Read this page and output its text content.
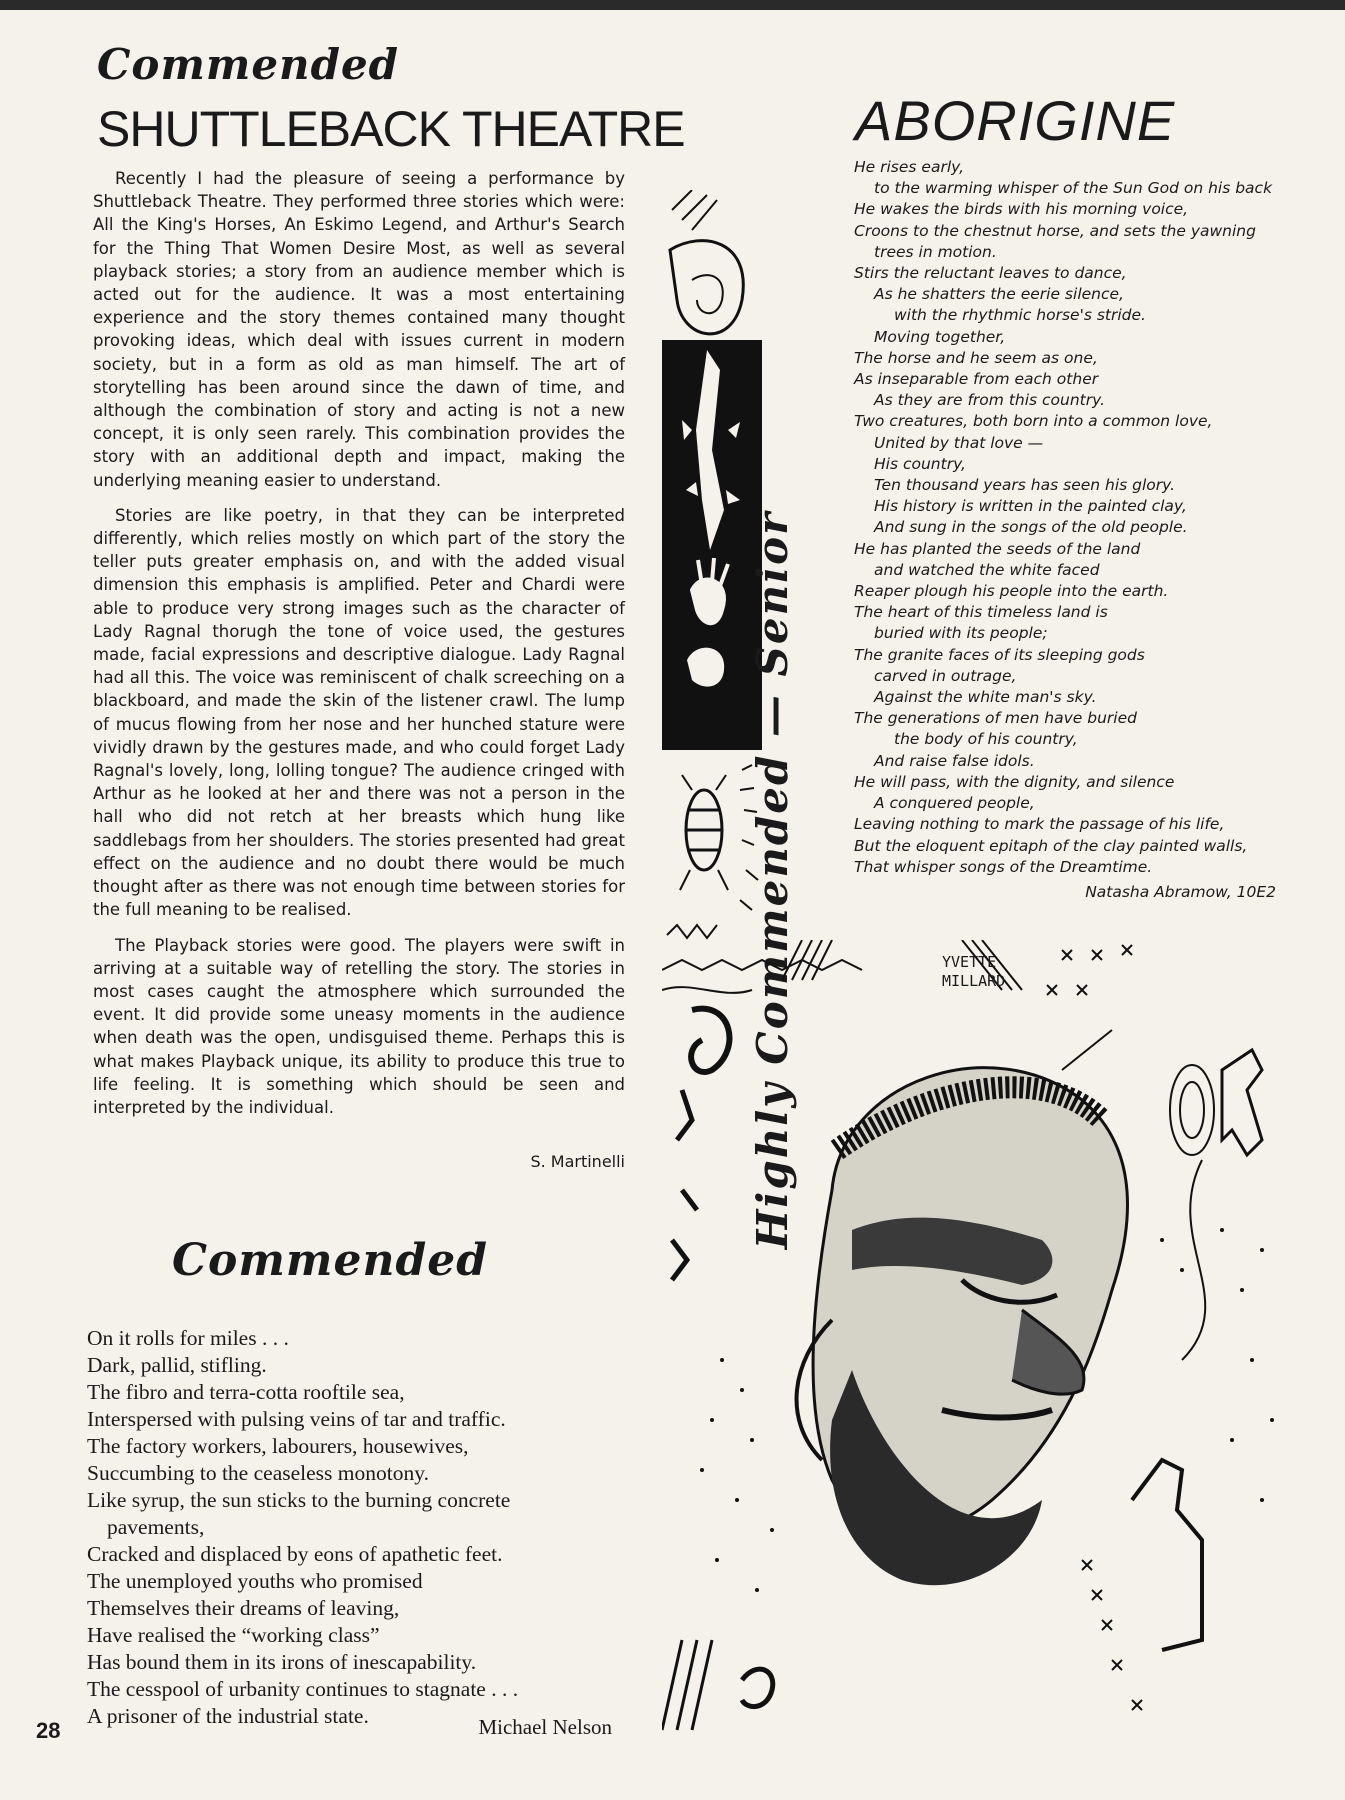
Commended
SHUTTLEBACK THEATRE

Recently I had the pleasure of seeing a performance by Shuttleback Theatre. They performed three stories which were: All the King's Horses, An Eskimo Legend, and Arthur's Search for the Thing That Women Desire Most, as well as several playback stories; a story from an audience member which is acted out for the audience. It was a most entertaining experience and the story themes contained many thought provoking ideas, which deal with issues current in modern society, but in a form as old as man himself. The art of storytelling has been around since the dawn of time, and although the combination of story and acting is not a new concept, it is only seen rarely. This combination provides the story with an additional depth and impact, making the underlying meaning easier to understand.

Stories are like poetry, in that they can be interpreted differently, which relies mostly on which part of the story the teller puts greater emphasis on, and with the added visual dimension this emphasis is amplified. Peter and Chardi were able to produce very strong images such as the character of Lady Ragnal thorugh the tone of voice used, the gestures made, facial expressions and descriptive dialogue. Lady Ragnal had all this. The voice was reminiscent of chalk screeching on a blackboard, and made the skin of the listener crawl. The lump of mucus flowing from her nose and her hunched stature were vividly drawn by the gestures made, and who could forget Lady Ragnal's lovely, long, lolling tongue? The audience cringed with Arthur as he looked at her and there was not a person in the hall who did not retch at her breasts which hung like saddlebags from her shoulders. The stories presented had great effect on the audience and no doubt there would be much thought after as there was not enough time between stories for the full meaning to be realised.

The Playback stories were good. The players were swift in arriving at a suitable way of retelling the story. The stories in most cases caught the atmosphere which surrounded the event. It did provide some uneasy moments in the audience when death was the open, undisguised theme. Perhaps this is what makes Playback unique, its ability to produce this true to life feeling. It is something which should be seen and interpreted by the individual.

S. Martinelli
Commended
On it rolls for miles . . .
Dark, pallid, stifling.
The fibro and terra-cotta rooftile sea,
Interspersed with pulsing veins of tar and traffic.
The factory workers, labourers, housewives,
Succumbing to the ceaseless monotony.
Like syrup, the sun sticks to the burning concrete
pavements,
Cracked and displaced by eons of apathetic feet.
The unemployed youths who promised
Themselves their dreams of leaving,
Have realised the “working class”
Has bound them in its irons of inescapability.
The cesspool of urbanity continues to stagnate . . .
A prisoner of the industrial state.	Michael Nelson
28
Highly Commended — Senior
ABORIGINE
He rises early,
to the warming whisper of the Sun God on his back
He wakes the birds with his morning voice,
Croons to the chestnut horse, and sets the yawning
trees in motion.
Stirs the reluctant leaves to dance,
As he shatters the eerie silence,
with the rhythmic horse's stride.
Moving together,
The horse and he seem as one,
As inseparable from each other
As they are from this country.
Two creatures, both born into a common love,
United by that love —
His country,
Ten thousand years has seen his glory.
His history is written in the painted clay,
And sung in the songs of the old people.
He has planted the seeds of the land
and watched the white faced
Reaper plough his people into the earth.
The heart of this timeless land is
buried with its people;
The granite faces of its sleeping gods
carved in outrage,
Against the white man's sky.
The generations of men have buried
the body of his country,
And raise false idols.
He will pass, with the dignity, and silence
A conquered people,
Leaving nothing to mark the passage of his life,
But the eloquent epitaph of the clay painted walls,
That whisper songs of the Dreamtime.
Natasha Abramow, 10E2
YVETTE
MILLARD
